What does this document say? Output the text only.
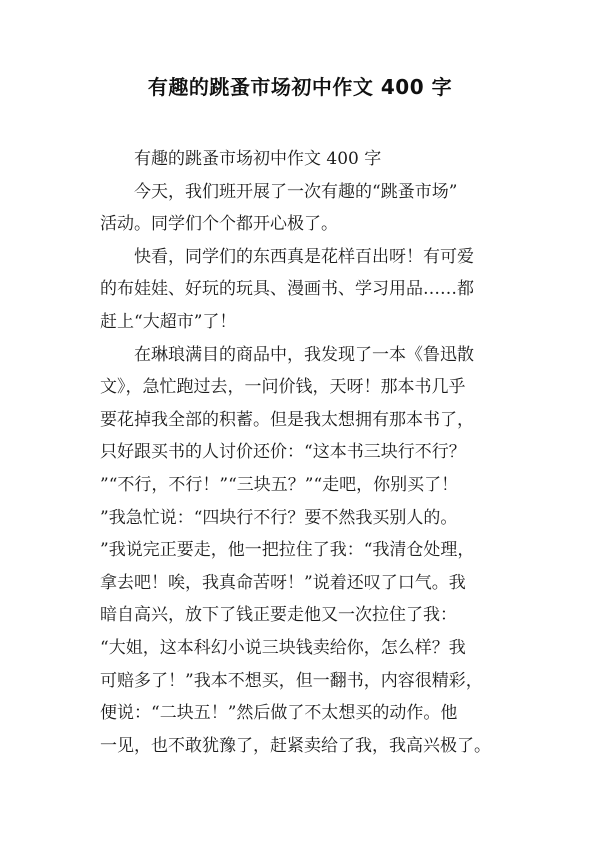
有趣的跳蚤市场初中作文 400 字
　　有趣的跳蚤市场初中作文 400 字
　　今天，我们班开展了一次有趣的“跳蚤市场”
活动。同学们个个都开心极了。
　　快看，同学们的东西真是花样百出呀！有可爱
的布娃娃、好玩的玩具、漫画书、学习用品……都
赶上“大超市”了！
　　在琳琅满目的商品中，我发现了一本《鲁迅散
文》，急忙跑过去，一问价钱，天呀！那本书几乎
要花掉我全部的积蓄。但是我太想拥有那本书了，
只好跟买书的人讨价还价：“这本书三块行不行？
”“不行，不行！”“三块五？”“走吧，你别买了！
”我急忙说：“四块行不行？要不然我买别人的。
”我说完正要走，他一把拉住了我：“我清仓处理，
拿去吧！唉，我真命苦呀！”说着还叹了口气。我
暗自高兴，放下了钱正要走他又一次拉住了我：
“大姐，这本科幻小说三块钱卖给你，怎么样？我
可赔多了！”我本不想买，但一翻书，内容很精彩，
便说：“二块五！”然后做了不太想买的动作。他
一见，也不敢犹豫了，赶紧卖给了我，我高兴极了。
